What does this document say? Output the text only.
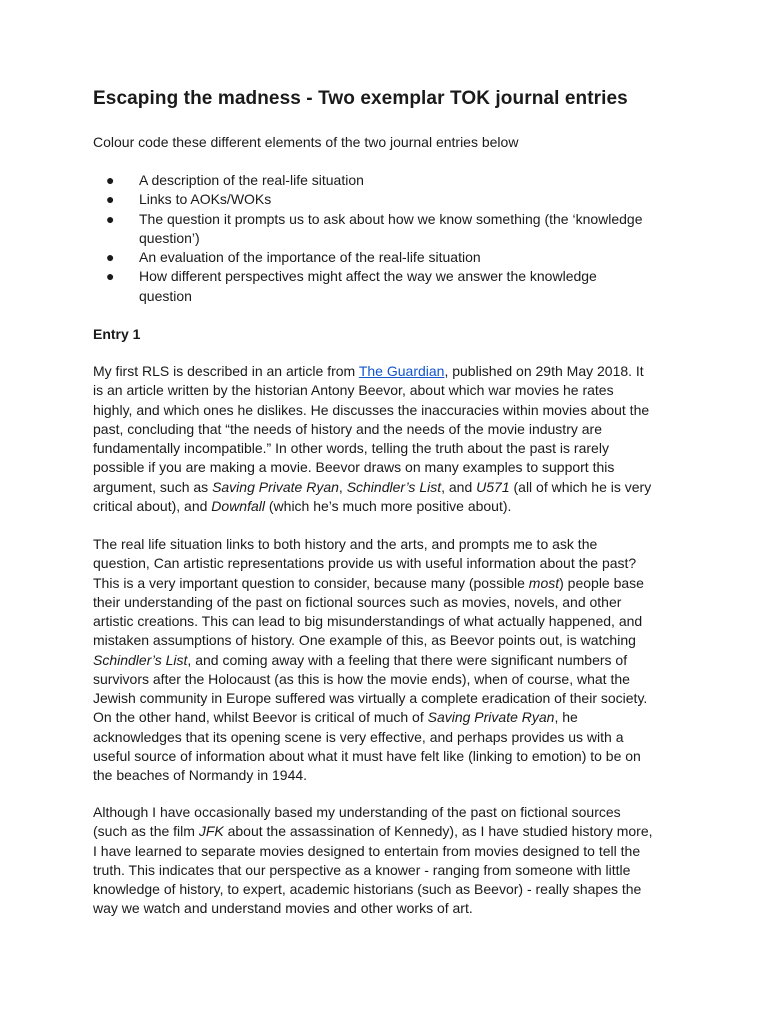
Escaping the madness - Two exemplar TOK journal entries
Colour code these different elements of the two journal entries below
● A description of the real-life situation
● Links to AOKs/WOKs
● The question it prompts us to ask about how we know something (the ‘knowledge
question’)
● An evaluation of the importance of the real-life situation
● How different perspectives might affect the way we answer the knowledge
question
Entry 1

My first RLS is described in an article from The Guardian, published on 29th May 2018. It
is an article written by the historian Antony Beevor, about which war movies he rates
highly, and which ones he dislikes. He discusses the inaccuracies within movies about the
past, concluding that “the needs of history and the needs of the movie industry are
fundamentally incompatible.” In other words, telling the truth about the past is rarely
possible if you are making a movie. Beevor draws on many examples to support this
argument, such as Saving Private Ryan, Schindler’s List, and U571 (all of which he is very
critical about), and Downfall (which he’s much more positive about).

The real life situation links to both history and the arts, and prompts me to ask the
question, Can artistic representations provide us with useful information about the past?
This is a very important question to consider, because many (possible most) people base
their understanding of the past on fictional sources such as movies, novels, and other
artistic creations. This can lead to big misunderstandings of what actually happened, and
mistaken assumptions of history. One example of this, as Beevor points out, is watching
Schindler’s List, and coming away with a feeling that there were significant numbers of
survivors after the Holocaust (as this is how the movie ends), when of course, what the
Jewish community in Europe suffered was virtually a complete eradication of their society.
On the other hand, whilst Beevor is critical of much of Saving Private Ryan, he
acknowledges that its opening scene is very effective, and perhaps provides us with a
useful source of information about what it must have felt like (linking to emotion) to be on
the beaches of Normandy in 1944.

Although I have occasionally based my understanding of the past on fictional sources
(such as the film JFK about the assassination of Kennedy), as I have studied history more,
I have learned to separate movies designed to entertain from movies designed to tell the
truth. This indicates that our perspective as a knower - ranging from someone with little
knowledge of history, to expert, academic historians (such as Beevor) - really shapes the
way we watch and understand movies and other works of art.
